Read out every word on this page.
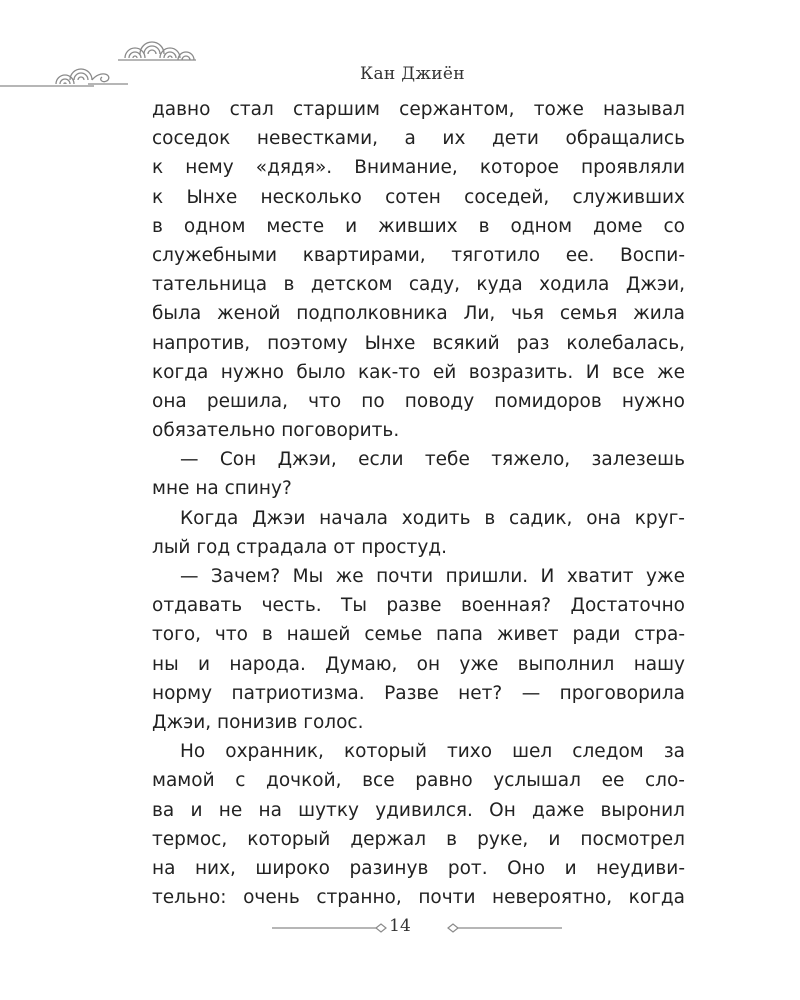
Кан Джиён
давно стал старшим сержантом, тоже называл
соседок невестками, а их дети обращались
к нему «дядя». Внимание, которое проявляли
к Ынхе несколько сотен соседей, служивших
в одном месте и живших в одном доме со
служебными квартирами, тяготило ее. Воспи-
тательница в детском саду, куда ходила Джэи,
была женой подполковника Ли, чья семья жила
напротив, поэтому Ынхе всякий раз колебалась,
когда нужно было как-то ей возразить. И все же
она решила, что по поводу помидоров нужно
обязательно поговорить.
— Сон Джэи, если тебе тяжело, залезешь
мне на спину?
Когда Джэи начала ходить в садик, она круг-
лый год страдала от простуд.
— Зачем? Мы же почти пришли. И хватит уже
отдавать честь. Ты разве военная? Достаточно
того, что в нашей семье папа живет ради стра-
ны и народа. Думаю, он уже выполнил нашу
норму патриотизма. Разве нет? — проговорила
Джэи, понизив голос.
Но охранник, который тихо шел следом за
мамой с дочкой, все равно услышал ее сло-
ва и не на шутку удивился. Он даже выронил
термос, который держал в руке, и посмотрел
на них, широко разинув рот. Оно и неудиви-
тельно: очень странно, почти невероятно, когда
14
